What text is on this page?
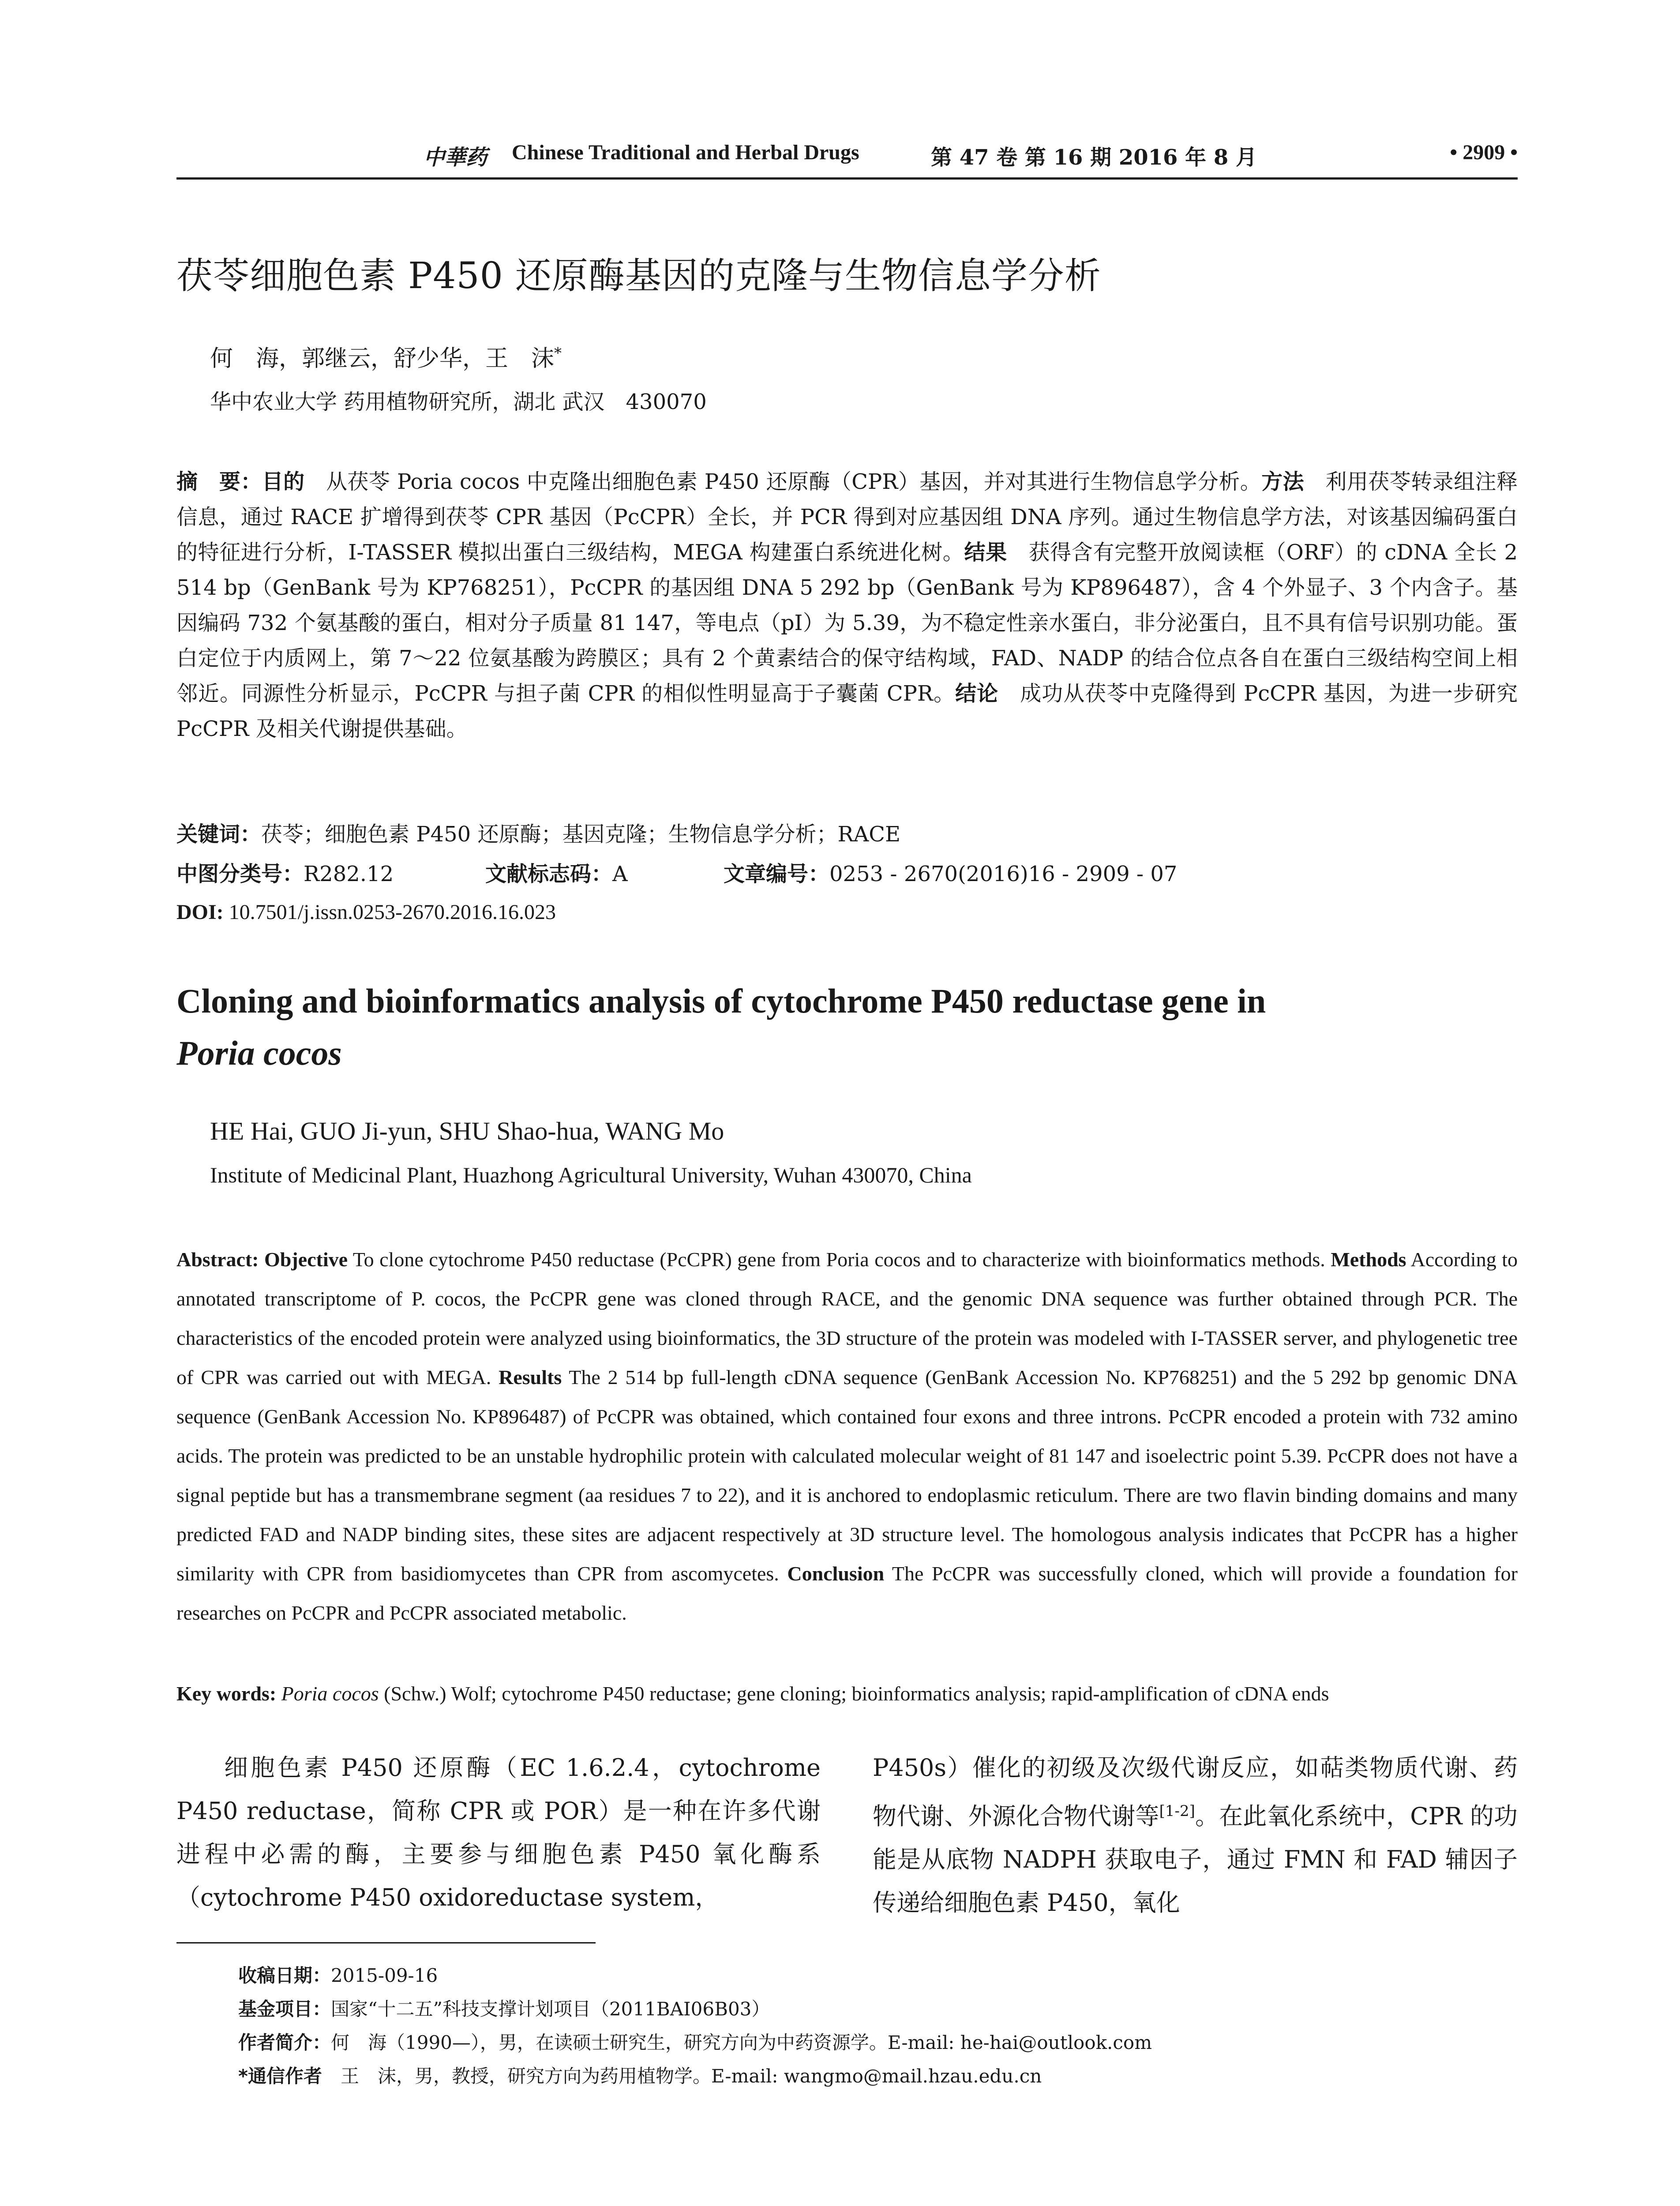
中華药 Chinese Traditional and Herbal Drugs	第 47 卷 第 16 期 2016 年 8 月	• 2909 •
茯苓细胞色素 P450 还原酶基因的克隆与生物信息学分析
何　海，郭继云，舒少华，王　沫*
华中农业大学 药用植物研究所，湖北 武汉　430070
摘　要：目的　从茯苓 Poria cocos 中克隆出细胞色素 P450 还原酶（CPR）基因，并对其进行生物信息学分析。方法　利用茯苓转录组注释信息，通过 RACE 扩增得到茯苓 CPR 基因（PcCPR）全长，并 PCR 得到对应基因组 DNA 序列。通过生物信息学方法，对该基因编码蛋白的特征进行分析，I-TASSER 模拟出蛋白三级结构，MEGA 构建蛋白系统进化树。结果　获得含有完整开放阅读框（ORF）的 cDNA 全长 2 514 bp（GenBank 号为 KP768251），PcCPR 的基因组 DNA 5 292 bp（GenBank 号为 KP896487），含 4 个外显子、3 个内含子。基因编码 732 个氨基酸的蛋白，相对分子质量 81 147，等电点（pI）为 5.39，为不稳定性亲水蛋白，非分泌蛋白，且不具有信号识别功能。蛋白定位于内质网上，第 7～22 位氨基酸为跨膜区；具有 2 个黄素结合的保守结构域，FAD、NADP 的结合位点各自在蛋白三级结构空间上相邻近。同源性分析显示，PcCPR 与担子菌 CPR 的相似性明显高于子囊菌 CPR。结论　成功从茯苓中克隆得到 PcCPR 基因，为进一步研究 PcCPR 及相关代谢提供基础。
关键词：茯苓；细胞色素 P450 还原酶；基因克隆；生物信息学分析；RACE
中图分类号：R282.12	文献标志码：A	文章编号：0253 - 2670(2016)16 - 2909 - 07
DOI: 10.7501/j.issn.0253-2670.2016.16.023
Cloning and bioinformatics analysis of cytochrome P450 reductase gene in
Poria cocos
HE Hai, GUO Ji-yun, SHU Shao-hua, WANG Mo
Institute of Medicinal Plant, Huazhong Agricultural University, Wuhan 430070, China
Abstract: Objective To clone cytochrome P450 reductase (PcCPR) gene from Poria cocos and to characterize with bioinformatics methods. Methods According to annotated transcriptome of P. cocos, the PcCPR gene was cloned through RACE, and the genomic DNA sequence was further obtained through PCR. The characteristics of the encoded protein were analyzed using bioinformatics, the 3D structure of the protein was modeled with I-TASSER server, and phylogenetic tree of CPR was carried out with MEGA. Results The 2 514 bp full-length cDNA sequence (GenBank Accession No. KP768251) and the 5 292 bp genomic DNA sequence (GenBank Accession No. KP896487) of PcCPR was obtained, which contained four exons and three introns. PcCPR encoded a protein with 732 amino acids. The protein was predicted to be an unstable hydrophilic protein with calculated molecular weight of 81 147 and isoelectric point 5.39. PcCPR does not have a signal peptide but has a transmembrane segment (aa residues 7 to 22), and it is anchored to endoplasmic reticulum. There are two flavin binding domains and many predicted FAD and NADP binding sites, these sites are adjacent respectively at 3D structure level. The homologous analysis indicates that PcCPR has a higher similarity with CPR from basidiomycetes than CPR from ascomycetes. Conclusion The PcCPR was successfully cloned, which will provide a foundation for researches on PcCPR and PcCPR associated metabolic.
Key words: Poria cocos (Schw.) Wolf; cytochrome P450 reductase; gene cloning; bioinformatics analysis; rapid-amplification of cDNA ends

细胞色素 P450 还原酶（EC 1.6.2.4，cytochrome P450 reductase，简称 CPR 或 POR）是一种在许多代谢进程中必需的酶，主要参与细胞色素 P450 氧化酶系（cytochrome P450 oxidoreductase system，

P450s）催化的初级及次级代谢反应，如萜类物质代谢、药物代谢、外源化合物代谢等[1-2]。在此氧化系统中，CPR 的功能是从底物 NADPH 获取电子，通过 FMN 和 FAD 辅因子传递给细胞色素 P450，氧化

收稿日期：2015-09-16
基金项目：国家“十二五”科技支撑计划项目（2011BAI06B03）
作者简介：何　海（1990—），男，在读硕士研究生，研究方向为中药资源学。E-mail: he-hai@outlook.com
*通信作者　王　沫，男，教授，研究方向为药用植物学。E-mail: wangmo@mail.hzau.edu.cn
